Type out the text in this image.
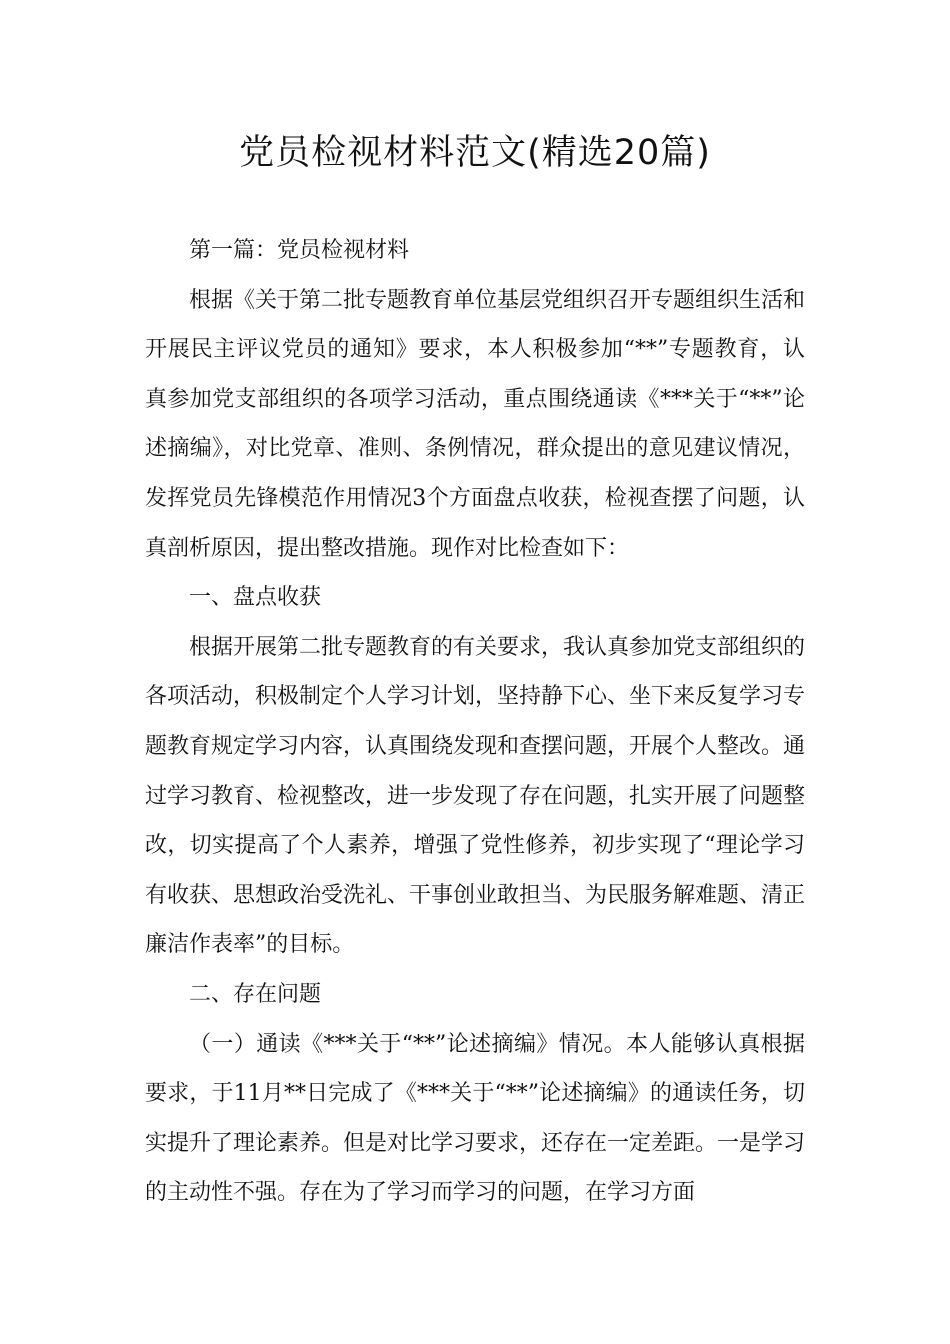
党员检视材料范文(精选20篇)

第一篇：党员检视材料

根据《关于第二批专题教育单位基层党组织召开专题组织生活和开展民主评议党员的通知》要求，本人积极参加“**”专题教育，认真参加党支部组织的各项学习活动，重点围绕通读《***关于“**”论述摘编》，对比党章、准则、条例情况，群众提出的意见建议情况，发挥党员先锋模范作用情况3个方面盘点收获，检视查摆了问题，认真剖析原因，提出整改措施。现作对比检查如下：

一、盘点收获

根据开展第二批专题教育的有关要求，我认真参加党支部组织的各项活动，积极制定个人学习计划，坚持静下心、坐下来反复学习专题教育规定学习内容，认真围绕发现和查摆问题，开展个人整改。通过学习教育、检视整改，进一步发现了存在问题，扎实开展了问题整改，切实提高了个人素养，增强了党性修养，初步实现了“理论学习有收获、思想政治受洗礼、干事创业敢担当、为民服务解难题、清正廉洁作表率”的目标。

二、存在问题

（一）通读《***关于“**”论述摘编》情况。本人能够认真根据要求，于11月**日完成了《***关于“**”论述摘编》的通读任务，切实提升了理论素养。但是对比学习要求，还存在一定差距。一是学习的主动性不强。存在为了学习而学习的问题，在学习方面
